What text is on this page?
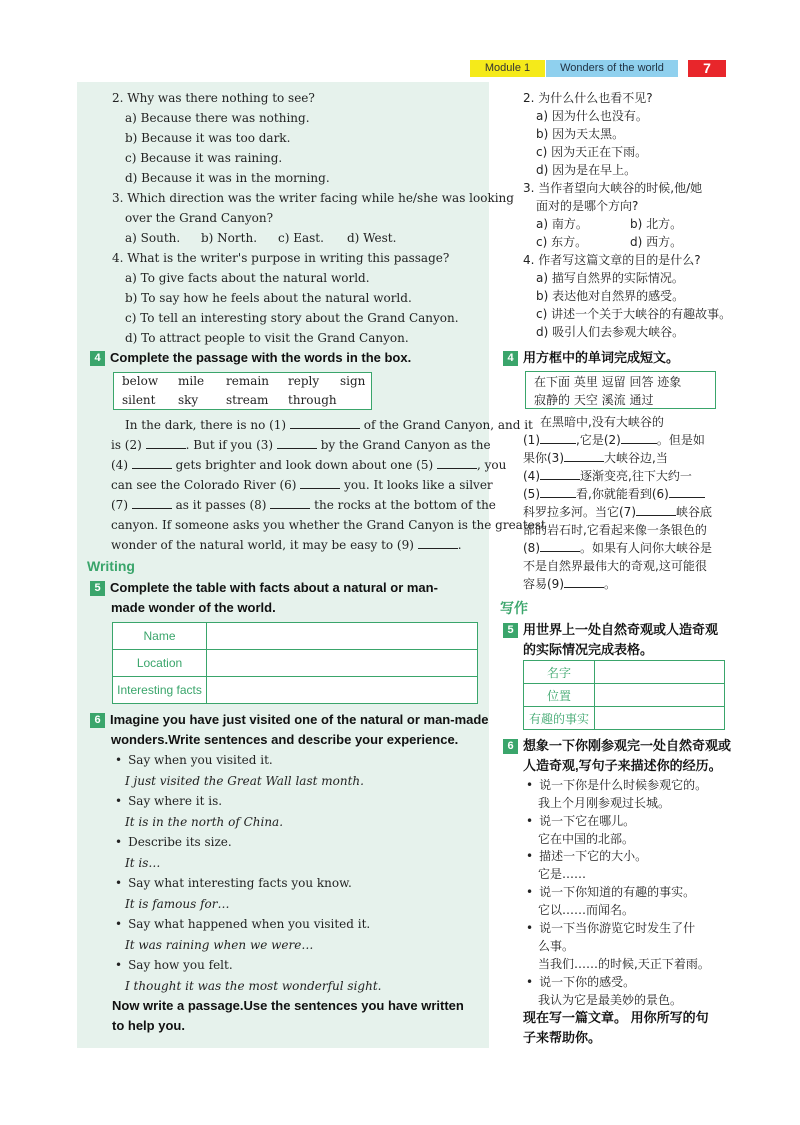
Module 1	Wonders of the world	7
2. Why was there nothing to see?
a) Because there was nothing.
b) Because it was too dark.
c) Because it was raining.
d) Because it was in the morning.
3. Which direction was the writer facing while he/she was looking
over the Grand Canyon?
a) South. b) North. c) East. d) West.
4. What is the writer's purpose in writing this passage?
a) To give facts about the natural world.
b) To say how he feels about the natural world.
c) To tell an interesting story about the Grand Canyon.
d) To attract people to visit the Grand Canyon.
4 Complete the passage with the words in the box.
below mile remain reply sign
silent sky stream through
In the dark, there is no (1)	of the Grand Canyon, and it
is (2)	. But if you (3)	by the Grand Canyon as the
(4)	gets brighter and look down about one (5)	, you
can see the Colorado River (6)	you. It looks like a silver
(7)	as it passes (8)	the rocks at the bottom of the
canyon. If someone asks you whether the Grand Canyon is the greatest
wonder of the natural world, it may be easy to (9)	.
Writing
5 Complete the table with facts about a natural or man-
made wonder of the world.
Name	
Location	
Interesting facts	
6 Imagine you have just visited one of the natural or man-made
wonders.Write sentences and describe your experience.
• Say when you visited it.
I just visited the Great Wall last month.
• Say where it is.
It is in the north of China.
• Describe its size.
It is…
• Say what interesting facts you know.
It is famous for…
• Say what happened when you visited it.
It was raining when we were…
• Say how you felt.
I thought it was the most wonderful sight.
Now write a passage.Use the sentences you have written
to help you.
2. 为什么什么也看不见?
a) 因为什么也没有。
b) 因为天太黑。
c) 因为天正在下雨。
d) 因为是在早上。
3. 当作者望向大峡谷的时候,他/她
面对的是哪个方向?
a) 南方。	b) 北方。
c) 东方。	d) 西方。
4. 作者写这篇文章的目的是什么?
a) 描写自然界的实际情况。
b) 表达他对自然界的感受。
c) 讲述一个关于大峡谷的有趣故事。
d) 吸引人们去参观大峡谷。
4 用方框中的单词完成短文。
在下面 英里 逗留 回答 迹象
寂静的 天空 溪流 通过
在黑暗中,没有大峡谷的
(1)	,它是(2)	。但是如
果你(3)	大峡谷边,当
(4)	逐渐变亮,往下大约一
(5)	看,你就能看到(6)
科罗拉多河。当它(7)	峡谷底
部的岩石时,它看起来像一条银色的
(8)	。如果有人问你大峡谷是
不是自然界最伟大的奇观,这可能很
容易(9)	。
写作
5 用世界上一处自然奇观或人造奇观
的实际情况完成表格。
名字	
位置	
有趣的事实	
6 想象一下你刚参观完一处自然奇观或
人造奇观,写句子来描述你的经历。
• 说一下你是什么时候参观它的。
我上个月刚参观过长城。
• 说一下它在哪儿。
它在中国的北部。
• 描述一下它的大小。
它是……
• 说一下你知道的有趣的事实。
它以……而闻名。
• 说一下当你游览它时发生了什
么事。
当我们……的时候,天正下着雨。
• 说一下你的感受。
我认为它是最美妙的景色。
现在写一篇文章。 用你所写的句
子来帮助你。
